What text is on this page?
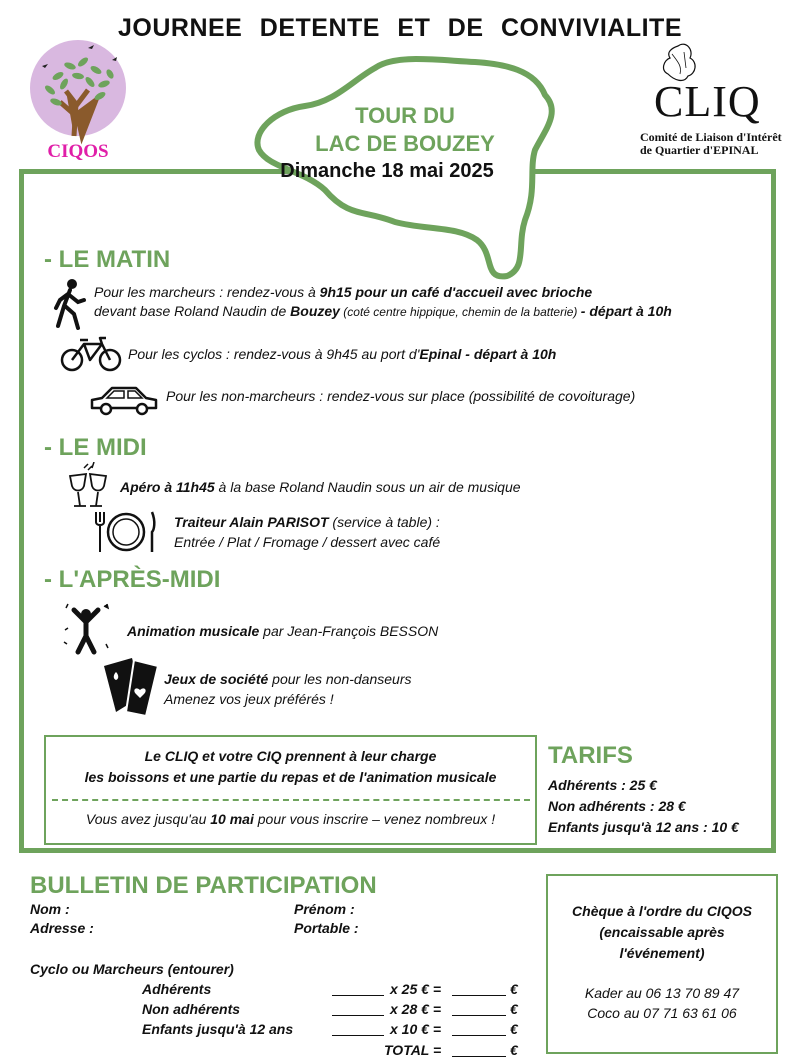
JOURNEE DETENTE ET DE CONVIVIALITE
CIQOS
CLIQ
Comité de Liaison d'Intérêt
de Quartier d'EPINAL
TOUR DU
LAC DE BOUZEY
Dimanche 18 mai 2025
- LE MATIN
Pour les marcheurs : rendez-vous à 9h15 pour un café d'accueil avec brioche
devant base Roland Naudin de Bouzey (coté centre hippique, chemin de la batterie) - départ à 10h
Pour les cyclos : rendez-vous à 9h45 au port d'Epinal - départ à 10h
Pour les non-marcheurs : rendez-vous sur place (possibilité de covoiturage)
- LE MIDI
Apéro à 11h45 à la base Roland Naudin sous un air de musique
Traiteur Alain PARISOT (service à table) :
Entrée / Plat / Fromage / dessert avec café
- L'APRÈS-MIDI
Animation musicale par Jean-François BESSON
Jeux de société pour les non-danseurs
Amenez vos jeux préférés !
Le CLIQ et votre CIQ prennent à leur charge
les boissons et une partie du repas et de l'animation musicale
Vous avez jusqu'au 10 mai pour vous inscrire – venez nombreux !
TARIFS
Adhérents : 25 €
Non adhérents : 28 €
Enfants jusqu'à 12 ans : 10 €
BULLETIN DE PARTICIPATION
Nom :	Prénom :
Adresse :	Portable :
Cyclo ou Marcheurs (entourer)
Adhérents	x 25 € =	€
Non adhérents	x 28 € =	€
Enfants jusqu'à 12 ans	x 10 € =	€
TOTAL =	€
Chèque à l'ordre du CIQOS
(encaissable après
l'événement)
Kader au 06 13 70 89 47
Coco au 07 71 63 61 06
